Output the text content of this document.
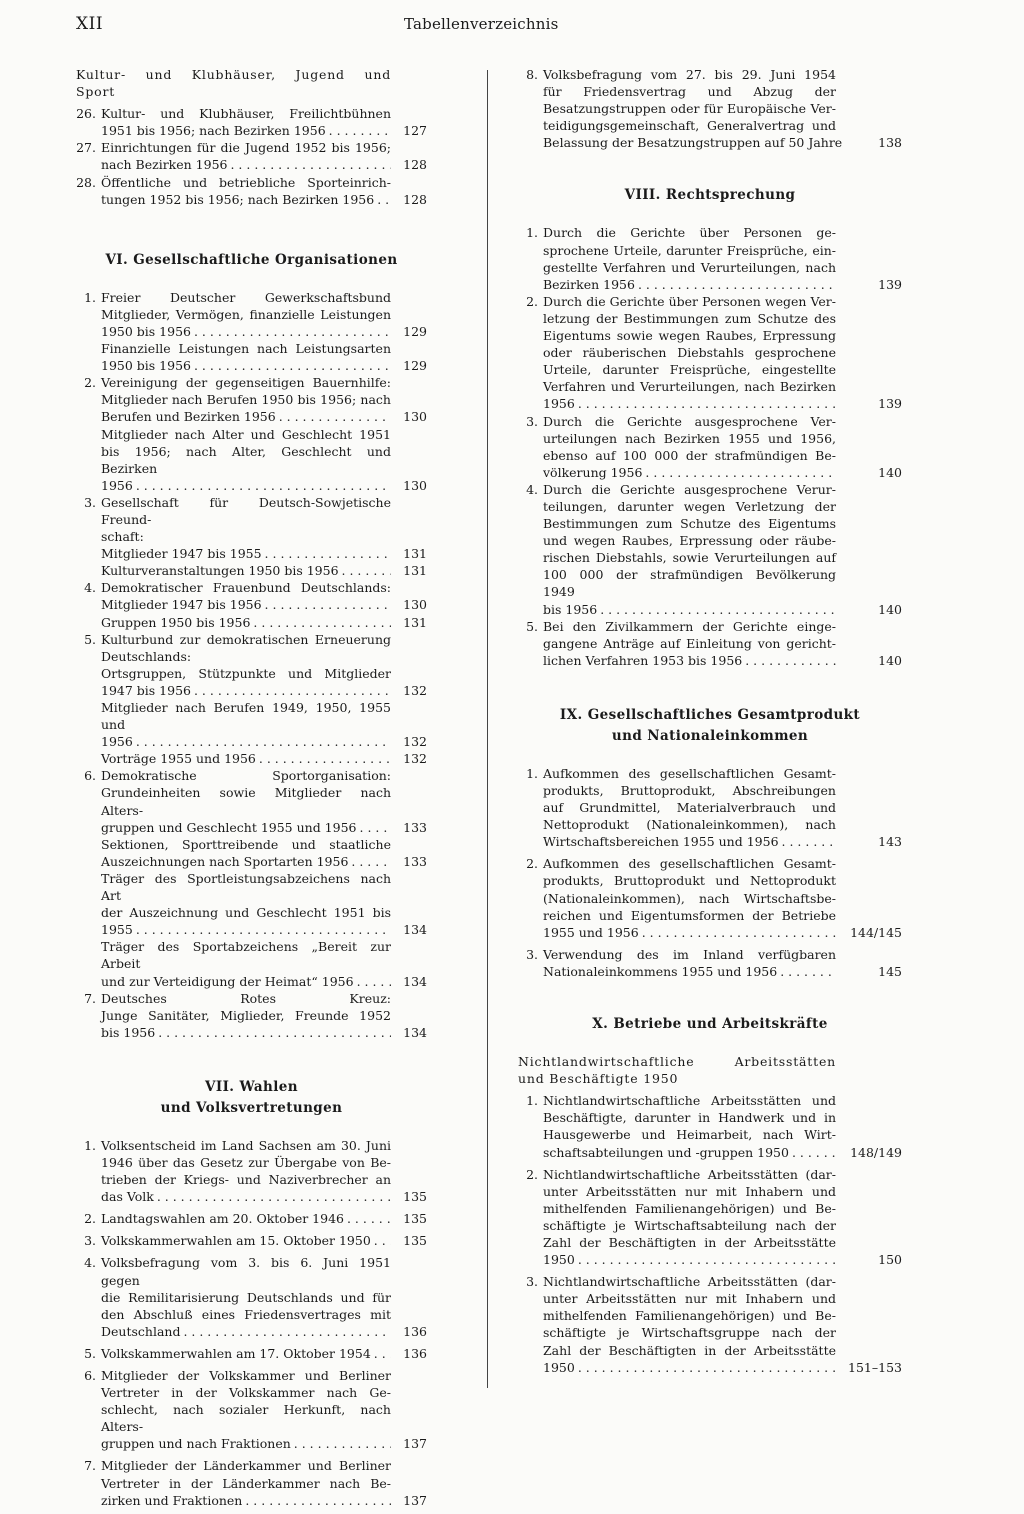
XII	Tabellenverzeichnis
Kultur- und Klubhäuser, Jugend und
Sport
26. Kultur- und Klubhäuser, Freilichtbühnen
1951 bis 1956; nach Bezirken 1956 . . .	127
27. Einrichtungen für die Jugend 1952 bis 1956;
nach Bezirken 1956 . . .	128
28. Öffentliche und betriebliche Sporteinrich-
tungen 1952 bis 1956; nach Bezirken 1956 . . . 128
VI. Gesellschaftliche Organisationen
1. Freier Deutscher Gewerkschaftsbund
Mitglieder, Vermögen, finanzielle Leistungen
1950 bis 1956 . . .	129
Finanzielle Leistungen nach Leistungsarten
1950 bis 1956 . . .	129
2. Vereinigung der gegenseitigen Bauernhilfe:
Mitglieder nach Berufen 1950 bis 1956; nach
Berufen und Bezirken 1956 . . .	130
Mitglieder nach Alter und Geschlecht 1951
bis 1956; nach Alter, Geschlecht und Bezirken
1956 . . .	130
3. Gesellschaft für Deutsch-Sowjetische Freund-
schaft:
Mitglieder 1947 bis 1955 . . .	131
Kulturveranstaltungen 1950 bis 1956 . . .	131
4. Demokratischer Frauenbund Deutschlands:
Mitglieder 1947 bis 1956 . . .	130
Gruppen 1950 bis 1956 . . .	131
5. Kulturbund zur demokratischen Erneuerung
Deutschlands:
Ortsgruppen, Stützpunkte und Mitglieder
1947 bis 1956 . . .	132
Mitglieder nach Berufen 1949, 1950, 1955 und
1956 . . .	132
Vorträge 1955 und 1956 . . .	132
6. Demokratische Sportorganisation:
Grundeinheiten sowie Mitglieder nach Alters-
gruppen und Geschlecht 1955 und 1956 . . .	133
Sektionen, Sporttreibende und staatliche
Auszeichnungen nach Sportarten 1956 . . .	133
Träger des Sportleistungsabzeichens nach Art
der Auszeichnung und Geschlecht 1951 bis
1955 . . .	134
Träger des Sportabzeichens „Bereit zur Arbeit
und zur Verteidigung der Heimat“ 1956 . . .	134
7. Deutsches Rotes Kreuz:
Junge Sanitäter, Miglieder, Freunde 1952
bis 1956 . . .	134
VII. Wahlen
und Volksvertretungen
1. Volksentscheid im Land Sachsen am 30. Juni
1946 über das Gesetz zur Übergabe von Be-
trieben der Kriegs- und Naziverbrecher an
das Volk . . .	135
2. Landtagswahlen am 20. Oktober 1946 . . .	135
3. Volkskammerwahlen am 15. Oktober 1950 . . .	135
4. Volksbefragung vom 3. bis 6. Juni 1951 gegen
die Remilitarisierung Deutschlands und für
den Abschluß eines Friedensvertrages mit
Deutschland . . .	136
5. Volkskammerwahlen am 17. Oktober 1954 . . .	136
6. Mitglieder der Volkskammer und Berliner
Vertreter in der Volkskammer nach Ge-
schlecht, nach sozialer Herkunft, nach Alters-
gruppen und nach Fraktionen . . .	137
7. Mitglieder der Länderkammer und Berliner
Vertreter in der Länderkammer nach Be-
zirken und Fraktionen . . .	137
8. Volksbefragung vom 27. bis 29. Juni 1954
für Friedensvertrag und Abzug der
Besatzungstruppen oder für Europäische Ver-
teidigungsgemeinschaft, Generalvertrag und
Belassung der Besatzungstruppen auf 50 Jahre	138
VIII. Rechtsprechung
1. Durch die Gerichte über Personen ge-
sprochene Urteile, darunter Freisprüche, ein-
gestellte Verfahren und Verurteilungen, nach
Bezirken 1956 . . .	139
2. Durch die Gerichte über Personen wegen Ver-
letzung der Bestimmungen zum Schutze des
Eigentums sowie wegen Raubes, Erpressung
oder räuberischen Diebstahls gesprochene
Urteile, darunter Freisprüche, eingestellte
Verfahren und Verurteilungen, nach Bezirken
1956 . . .	139
3. Durch die Gerichte ausgesprochene Ver-
urteilungen nach Bezirken 1955 und 1956,
ebenso auf 100 000 der strafmündigen Be-
völkerung 1956 . . .	140
4. Durch die Gerichte ausgesprochene Verur-
teilungen, darunter wegen Verletzung der
Bestimmungen zum Schutze des Eigentums
und wegen Raubes, Erpressung oder räube-
rischen Diebstahls, sowie Verurteilungen auf
100 000 der strafmündigen Bevölkerung 1949
bis 1956 . . .	140
5. Bei den Zivilkammern der Gerichte einge-
gangene Anträge auf Einleitung von gericht-
lichen Verfahren 1953 bis 1956 . . .	140
IX. Gesellschaftliches Gesamtprodukt
und Nationaleinkommen
1. Aufkommen des gesellschaftlichen Gesamt-
produkts, Bruttoprodukt, Abschreibungen
auf Grundmittel, Materialverbrauch und
Nettoprodukt (Nationaleinkommen), nach
Wirtschaftsbereichen 1955 und 1956 . . .	143
2. Aufkommen des gesellschaftlichen Gesamt-
produkts, Bruttoprodukt und Nettoprodukt
(Nationaleinkommen), nach Wirtschaftsbe-
reichen und Eigentumsformen der Betriebe
1955 und 1956 . . .	144/145
3. Verwendung des im Inland verfügbaren
Nationaleinkommens 1955 und 1956 . . .	145
X. Betriebe und Arbeitskräfte
Nichtlandwirtschaftliche Arbeitsstätten
und Beschäftigte 1950
1. Nichtlandwirtschaftliche Arbeitsstätten und
Beschäftigte, darunter in Handwerk und in
Hausgewerbe und Heimarbeit, nach Wirt-
schaftsabteilungen und -gruppen 1950 . . .	148/149
2. Nichtlandwirtschaftliche Arbeitsstätten (dar-
unter Arbeitsstätten nur mit Inhabern und
mithelfenden Familienangehörigen) und Be-
schäftigte je Wirtschaftsabteilung nach der
Zahl der Beschäftigten in der Arbeitsstätte
1950 . . .	150
3. Nichtlandwirtschaftliche Arbeitsstätten (dar-
unter Arbeitsstätten nur mit Inhabern und
mithelfenden Familienangehörigen) und Be-
schäftigte je Wirtschaftsgruppe nach der
Zahl der Beschäftigten in der Arbeitsstätte
1950 . . .	151–153
